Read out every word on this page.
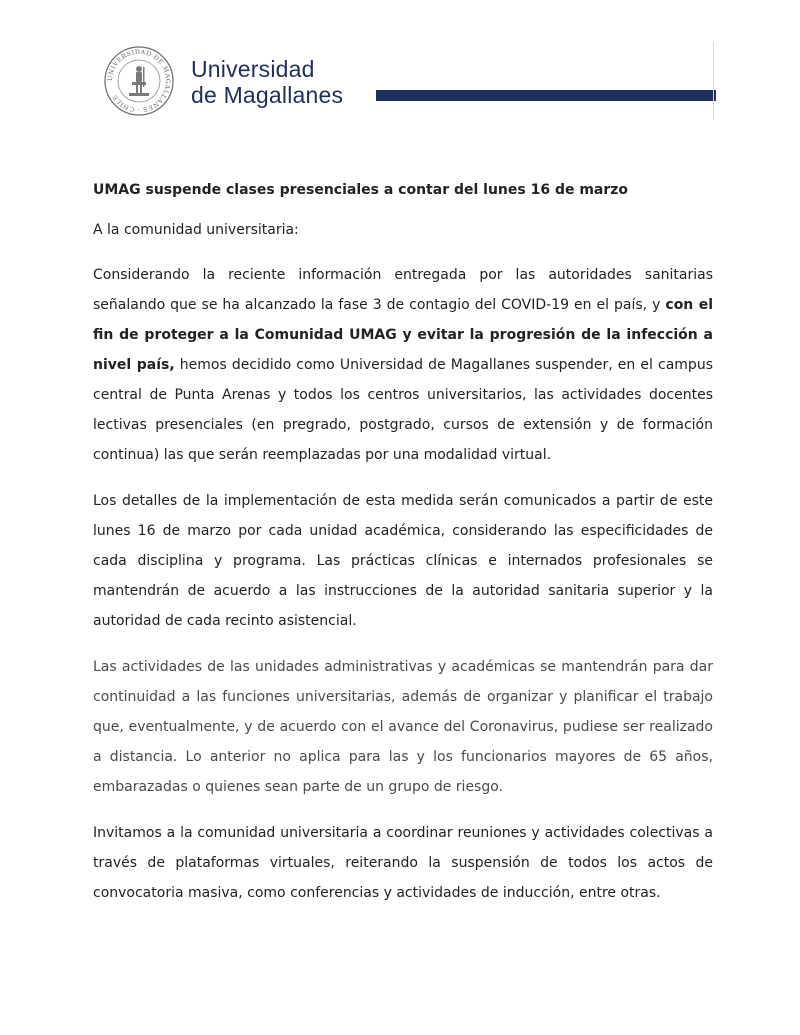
UNIVERSIDAD DE MAGALLANES · CHILE
Universidad
de Magallanes
UMAG suspende clases presenciales a contar del lunes 16 de marzo
A la comunidad universitaria:

Considerando la reciente información entregada por las autoridades sanitarias señalando que se ha alcanzado la fase 3 de contagio del COVID-19 en el país, y con el fin de proteger a la Comunidad UMAG y evitar la progresión de la infección a nivel país, hemos decidido como Universidad de Magallanes suspender, en el campus central de Punta Arenas y todos los centros universitarios, las actividades docentes lectivas presenciales (en pregrado, postgrado, cursos de extensión y de formación continua) las que serán reemplazadas por una modalidad virtual.

Los detalles de la implementación de esta medida serán comunicados a partir de este lunes 16 de marzo por cada unidad académica, considerando las especificidades de cada disciplina y programa. Las prácticas clínicas e internados profesionales se mantendrán de acuerdo a las instrucciones de la autoridad sanitaria superior y la autoridad de cada recinto asistencial.

Las actividades de las unidades administrativas y académicas se mantendrán para dar continuidad a las funciones universitarias, además de organizar y planificar el trabajo que, eventualmente, y de acuerdo con el avance del Coronavirus, pudiese ser realizado a distancia. Lo anterior no aplica para las y los funcionarios mayores de 65 años, embarazadas o quienes sean parte de un grupo de riesgo.

Invitamos a la comunidad universitaria a coordinar reuniones y actividades colectivas a través de plataformas virtuales, reiterando la suspensión de todos los actos de convocatoria masiva, como conferencias y actividades de inducción, entre otras.
